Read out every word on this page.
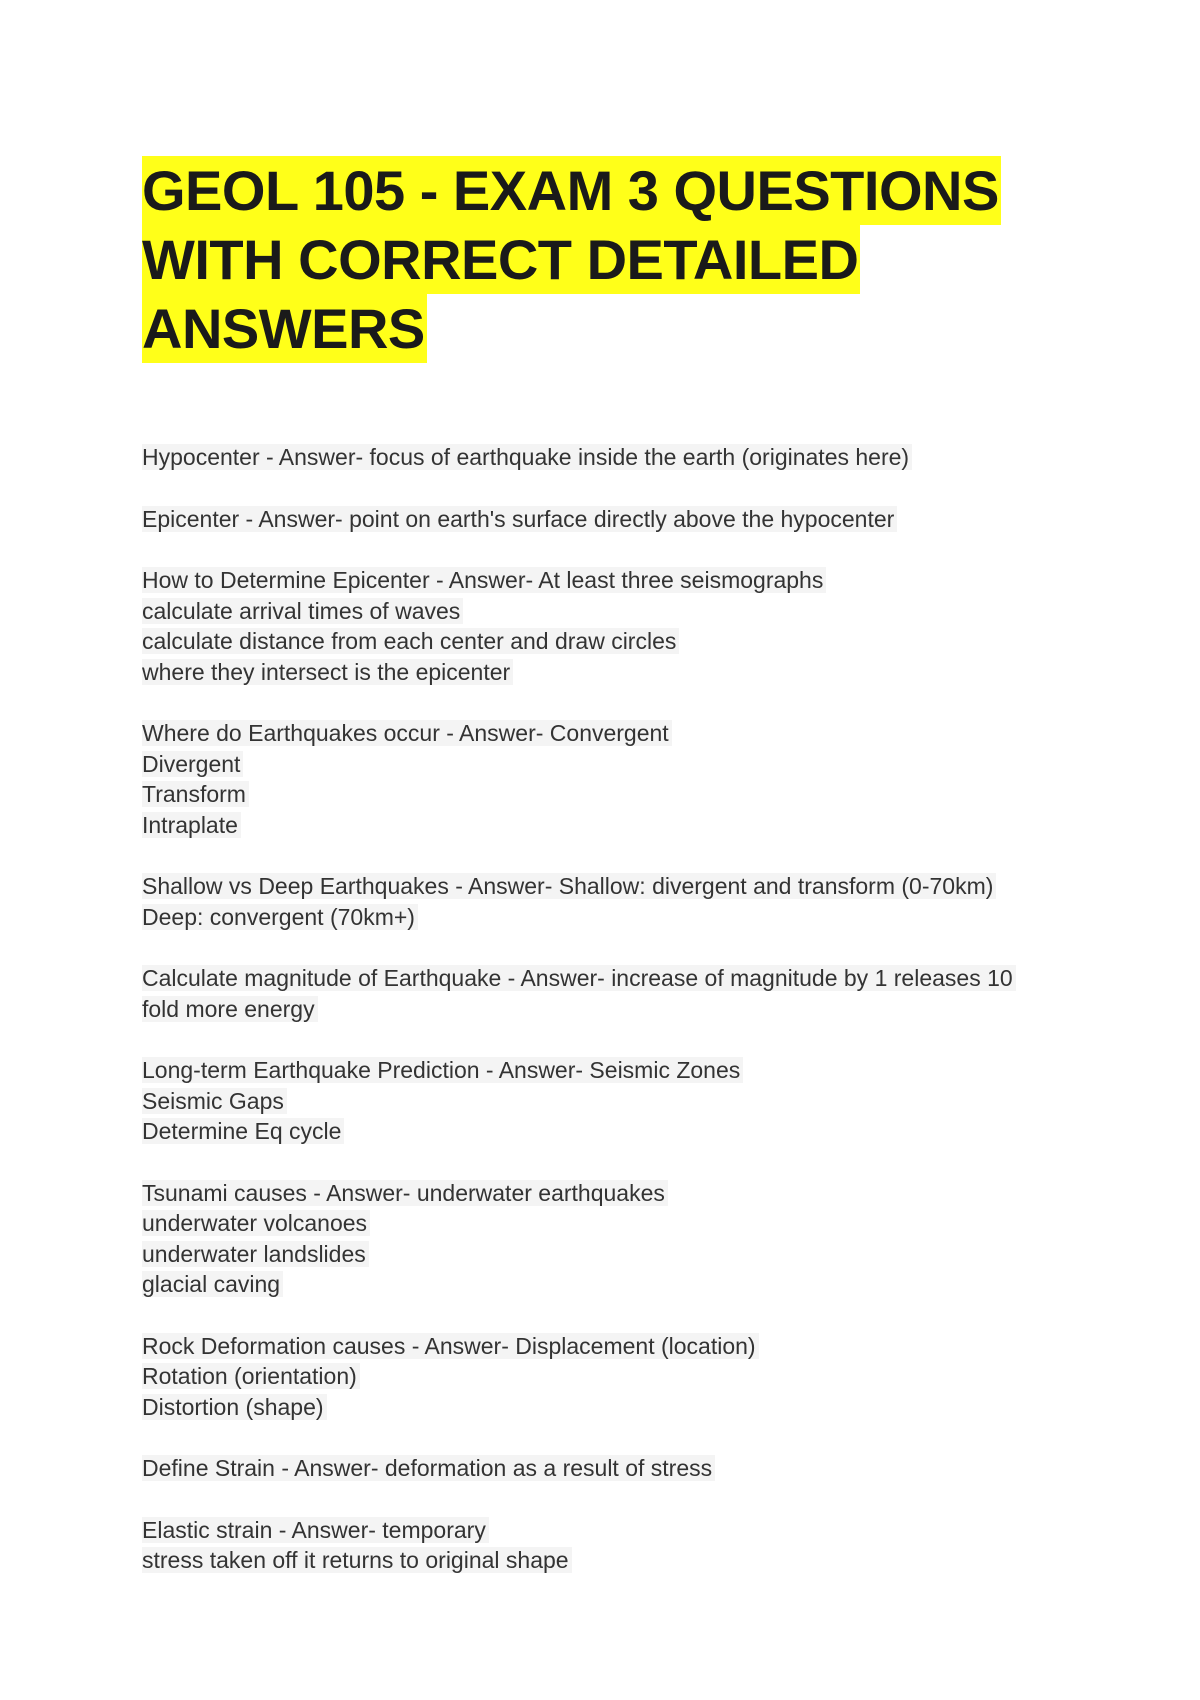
GEOL 105 - EXAM 3 QUESTIONS
WITH CORRECT DETAILED
ANSWERS
Hypocenter - Answer- focus of earthquake inside the earth (originates here)
Epicenter - Answer- point on earth's surface directly above the hypocenter
How to Determine Epicenter - Answer- At least three seismographs
calculate arrival times of waves
calculate distance from each center and draw circles
where they intersect is the epicenter
Where do Earthquakes occur - Answer- Convergent
Divergent
Transform
Intraplate
Shallow vs Deep Earthquakes - Answer- Shallow: divergent and transform (0-70km)
Deep: convergent (70km+)
Calculate magnitude of Earthquake - Answer- increase of magnitude by 1 releases 10
fold more energy
Long-term Earthquake Prediction - Answer- Seismic Zones
Seismic Gaps
Determine Eq cycle
Tsunami causes - Answer- underwater earthquakes
underwater volcanoes
underwater landslides
glacial caving
Rock Deformation causes - Answer- Displacement (location)
Rotation (orientation)
Distortion (shape)
Define Strain - Answer- deformation as a result of stress
Elastic strain - Answer- temporary
stress taken off it returns to original shape
